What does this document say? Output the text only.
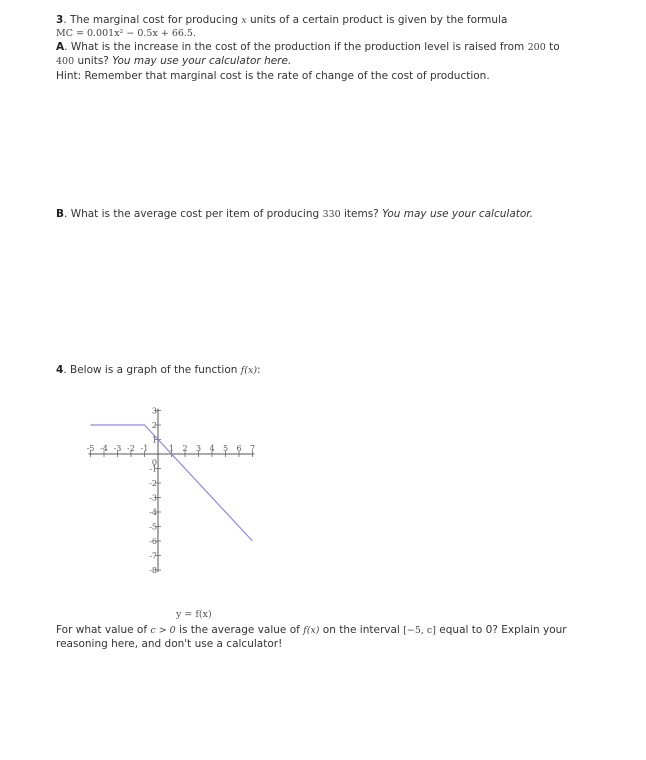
3. The marginal cost for producing x units of a certain product is given by the formula
MC = 0.001x² − 0.5x + 66.5.
A. What is the increase in the cost of the production if the production level is raised from 200 to
400 units? You may use your calculator here.
Hint: Remember that marginal cost is the rate of change of the cost of production.
B. What is the average cost per item of producing 330 items? You may use your calculator.
4. Below is a graph of the function f(x):
-5 -4 -3 -2 -1	1 2 3 4 5 6 7
3
2
1
0
-1
-2
-3
-4
-5
-6
-7
-8
y = f(x)
For what value of c > 0 is the average value of f(x) on the interval [−5, c] equal to 0? Explain your
reasoning here, and don't use a calculator!
